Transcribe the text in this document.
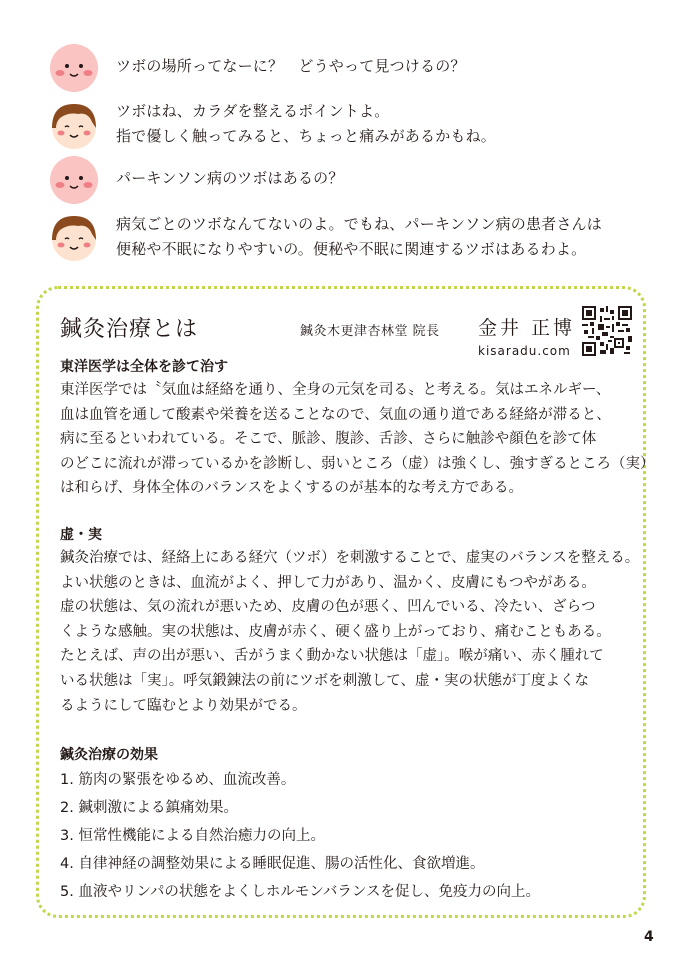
ツボの場所ってなーに？　どうやって見つけるの？
ツボはね、カラダを整えるポイントよ。
指で優しく触ってみると、ちょっと痛みがあるかもね。
パーキンソン病のツボはあるの？
病気ごとのツボなんてないのよ。でもね、パーキンソン病の患者さんは
便秘や不眠になりやすいの。便秘や不眠に関連するツボはあるわよ。
鍼灸治療とは	鍼灸木更津杏林堂 院長 金井 正博
kisaradu.com
東洋医学は全体を診て治す
東洋医学では〝気血は経絡を通り、全身の元気を司る〟と考える。気はエネルギー、
血は血管を通して酸素や栄養を送ることなので、気血の通り道である経絡が滞ると、
病に至るといわれている。そこで、脈診、腹診、舌診、さらに触診や顔色を診て体
のどこに流れが滞っているかを診断し、弱いところ（虚）は強くし、強すぎるところ（実）
は和らげ、身体全体のバランスをよくするのが基本的な考え方である。
虚・実
鍼灸治療では、経絡上にある経穴（ツボ）を刺激することで、虚実のバランスを整える。
よい状態のときは、血流がよく、押して力があり、温かく、皮膚にもつやがある。
虚の状態は、気の流れが悪いため、皮膚の色が悪く、凹んでいる、冷たい、ざらつ
くような感触。実の状態は、皮膚が赤く、硬く盛り上がっており、痛むこともある。
たとえば、声の出が悪い、舌がうまく動かない状態は「虚」。喉が痛い、赤く腫れて
いる状態は「実」。呼気鍛錬法の前にツボを刺激して、虚・実の状態が丁度よくな
るようにして臨むとより効果がでる。
鍼灸治療の効果
1. 筋肉の緊張をゆるめ、血流改善。
2. 鍼刺激による鎮痛効果。
3. 恒常性機能による自然治癒力の向上。
4. 自律神経の調整効果による睡眠促進、腸の活性化、食欲増進。
5. 血液やリンパの状態をよくしホルモンバランスを促し、免疫力の向上。
4
